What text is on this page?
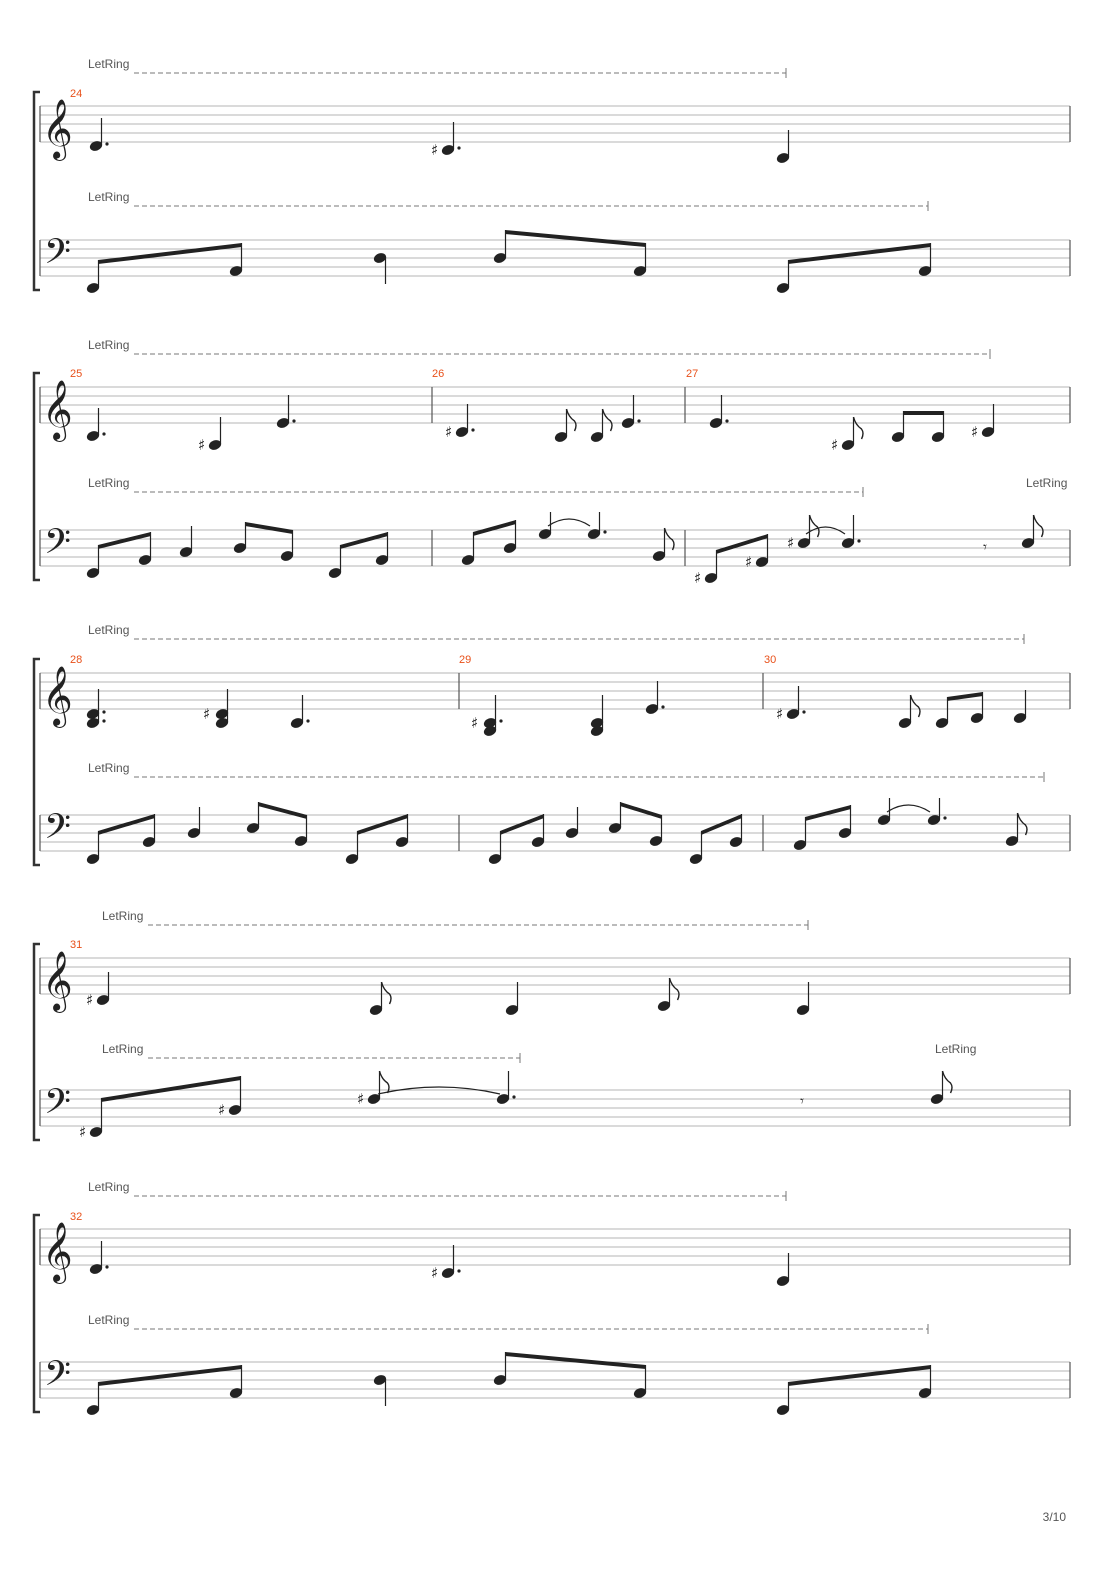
𝄞
𝄢
24
LetRing
LetRing
♯
𝄞
𝄢
25	26	27
LetRing
LetRing	LetRing
♯
♯
♯
♯
♯
♯
♯	𝄾
𝄞
𝄢
28	29	30
LetRing
LetRing
♯	♯	♯
𝄞
𝄢
31
LetRing
LetRing	LetRing
♯
♯
♯
♯	𝄾
𝄞
𝄢
32
LetRing
LetRing
♯
3/10
